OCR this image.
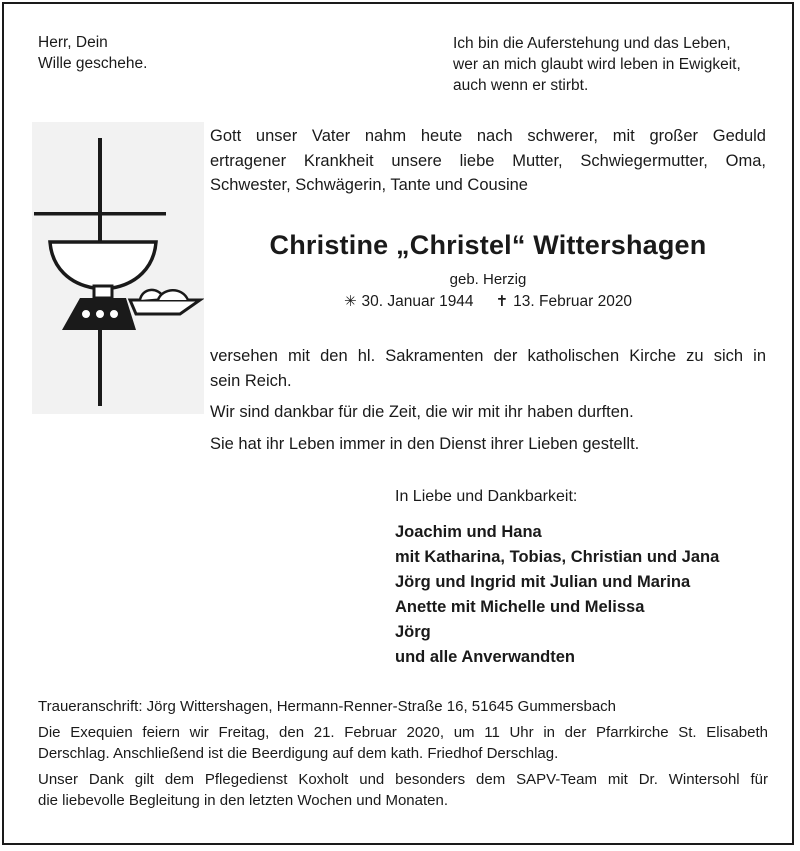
Herr, Dein
Wille geschehe.
Ich bin die Auferstehung und das Leben,
wer an mich glaubt wird leben in Ewigkeit,
auch wenn er stirbt.
Gott unser Vater nahm heute nach schwerer, mit großer Geduld
ertragener Krankheit unsere liebe Mutter, Schwiegermutter, Oma,
Schwester, Schwägerin, Tante und Cousine
Christine „Christel“ Wittershagen
geb. Herzig
✳ 30. Januar 1944 ✝ 13. Februar 2020
versehen mit den hl. Sakramenten der katholischen Kirche zu sich in
sein Reich.
Wir sind dankbar für die Zeit, die wir mit ihr haben durften.
Sie hat ihr Leben immer in den Dienst ihrer Lieben gestellt.
In Liebe und Dankbarkeit:
Joachim und Hana
mit Katharina, Tobias, Christian und Jana
Jörg und Ingrid mit Julian und Marina
Anette mit Michelle und Melissa
Jörg
und alle Anverwandten
Traueranschrift: Jörg Wittershagen, Hermann-Renner-Straße 16, 51645 Gummersbach
Die Exequien feiern wir Freitag, den 21. Februar 2020, um 11 Uhr in der Pfarrkirche St. Elisabeth
Derschlag. Anschließend ist die Beerdigung auf dem kath. Friedhof Derschlag.
Unser Dank gilt dem Pflegedienst Koxholt und besonders dem SAPV-Team mit Dr. Wintersohl für
die liebevolle Begleitung in den letzten Wochen und Monaten.
